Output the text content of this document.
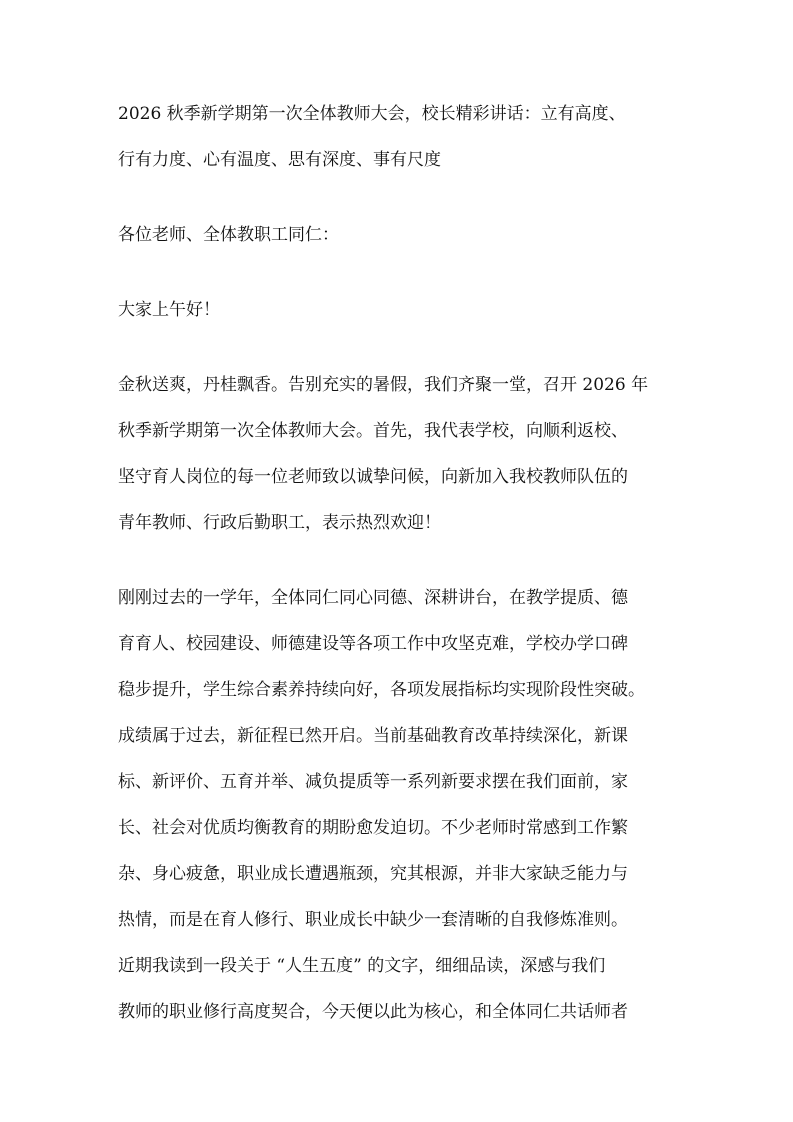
2026 秋季新学期第一次全体教师大会，校长精彩讲话：立有高度、

行有力度、心有温度、思有深度、事有尺度

各位老师、全体教职工同仁：

大家上午好！

金秋送爽，丹桂飘香。告别充实的暑假，我们齐聚一堂，召开 2026 年

秋季新学期第一次全体教师大会。首先，我代表学校，向顺利返校、

坚守育人岗位的每一位老师致以诚挚问候，向新加入我校教师队伍的

青年教师、行政后勤职工，表示热烈欢迎！

刚刚过去的一学年，全体同仁同心同德、深耕讲台，在教学提质、德

育育人、校园建设、师德建设等各项工作中攻坚克难，学校办学口碑

稳步提升，学生综合素养持续向好，各项发展指标均实现阶段性突破。

成绩属于过去，新征程已然开启。当前基础教育改革持续深化，新课

标、新评价、五育并举、减负提质等一系列新要求摆在我们面前，家

长、社会对优质均衡教育的期盼愈发迫切。不少老师时常感到工作繁

杂、身心疲惫，职业成长遭遇瓶颈，究其根源，并非大家缺乏能力与

热情，而是在育人修行、职业成长中缺少一套清晰的自我修炼准则。

近期我读到一段关于 “人生五度” 的文字，细细品读，深感与我们

教师的职业修行高度契合，今天便以此为核心，和全体同仁共话师者
